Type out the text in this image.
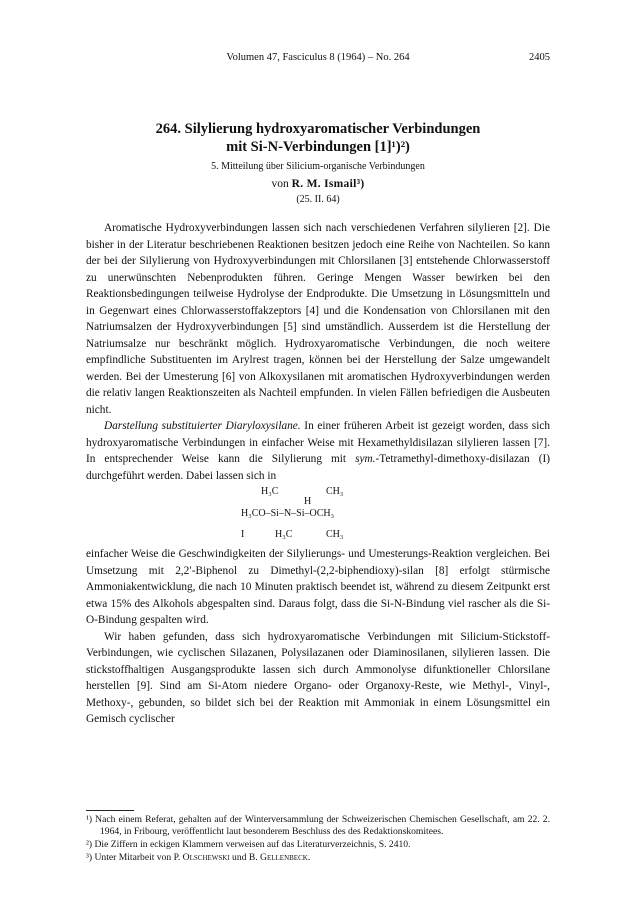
Volumen 47, Fasciculus 8 (1964) – No. 264	2405
264. Silylierung hydroxyaromatischer Verbindungen
mit Si-N-Verbindungen [1]¹)²)
5. Mitteilung über Silicium-organische Verbindungen
von R. M. Ismail³)
(25. II. 64)

Aromatische Hydroxyverbindungen lassen sich nach verschiedenen Verfahren silylieren [2]. Die bisher in der Literatur beschriebenen Reaktionen besitzen jedoch eine Reihe von Nachteilen. So kann der bei der Silylierung von Hydroxyverbindungen mit Chlorsilanen [3] entstehende Chlorwasserstoff zu unerwünschten Nebenprodukten führen. Geringe Mengen Wasser bewirken bei den Reaktionsbedingungen teilweise Hydrolyse der Endprodukte. Die Umsetzung in Lösungsmitteln und in Gegenwart eines Chlorwasserstoffakzeptors [4] und die Kondensation von Chlorsilanen mit den Natriumsalzen der Hydroxyverbindungen [5] sind umständlich. Ausserdem ist die Herstellung der Natriumsalze nur beschränkt möglich. Hydroxyaromatische Verbindungen, die noch weitere empfindliche Substituenten im Arylrest tragen, können bei der Herstellung der Salze umgewandelt werden. Bei der Umesterung [6] von Alkoxysilanen mit aromatischen Hydroxyverbindungen werden die relativ langen Reaktionszeiten als Nachteil empfunden. In vielen Fällen befriedigen die Ausbeuten nicht.

Darstellung substituierter Diaryloxysilane. In einer früheren Arbeit ist gezeigt worden, dass sich hydroxyaromatische Verbindungen in einfacher Weise mit Hexamethyldisilazan silylieren lassen [7]. In entsprechender Weise kann die Silylierung mit sym.-Tetramethyl-dimethoxy-disilazan (I) durchgeführt werden. Dabei lassen sich in

H₃C	CH₃
H
H₃CO–Si–N–Si–OCH₃
I	H₃C	CH₃

einfacher Weise die Geschwindigkeiten der Silylierungs- und Umesterungs-Reaktion vergleichen. Bei Umsetzung mit 2,2′-Biphenol zu Dimethyl-(2,2-biphendioxy)-silan [8] erfolgt stürmische Ammoniakentwicklung, die nach 10 Minuten praktisch beendet ist, während zu diesem Zeitpunkt erst etwa 15% des Alkohols abgespalten sind. Daraus folgt, dass die Si-N-Bindung viel rascher als die Si-O-Bindung gespalten wird.

Wir haben gefunden, dass sich hydroxyaromatische Verbindungen mit Silicium-Stickstoff-Verbindungen, wie cyclischen Silazanen, Polysilazanen oder Diaminosilanen, silylieren lassen. Die stickstoffhaltigen Ausgangsprodukte lassen sich durch Ammonolyse difunktioneller Chlorsilane herstellen [9]. Sind am Si-Atom niedere Organo- oder Organoxy-Reste, wie Methyl-, Vinyl-, Methoxy-, gebunden, so bildet sich bei der Reaktion mit Ammoniak in einem Lösungsmittel ein Gemisch cyclischer

¹) Nach einem Referat, gehalten auf der Winterversammlung der Schweizerischen Chemischen Gesellschaft, am 22. 2. 1964, in Fribourg, veröffentlicht laut besonderem Beschluss des des Redaktionskomitees.

²) Die Ziffern in eckigen Klammern verweisen auf das Literaturverzeichnis, S. 2410.

³) Unter Mitarbeit von P. Olschewski und B. Gellenbeck.
